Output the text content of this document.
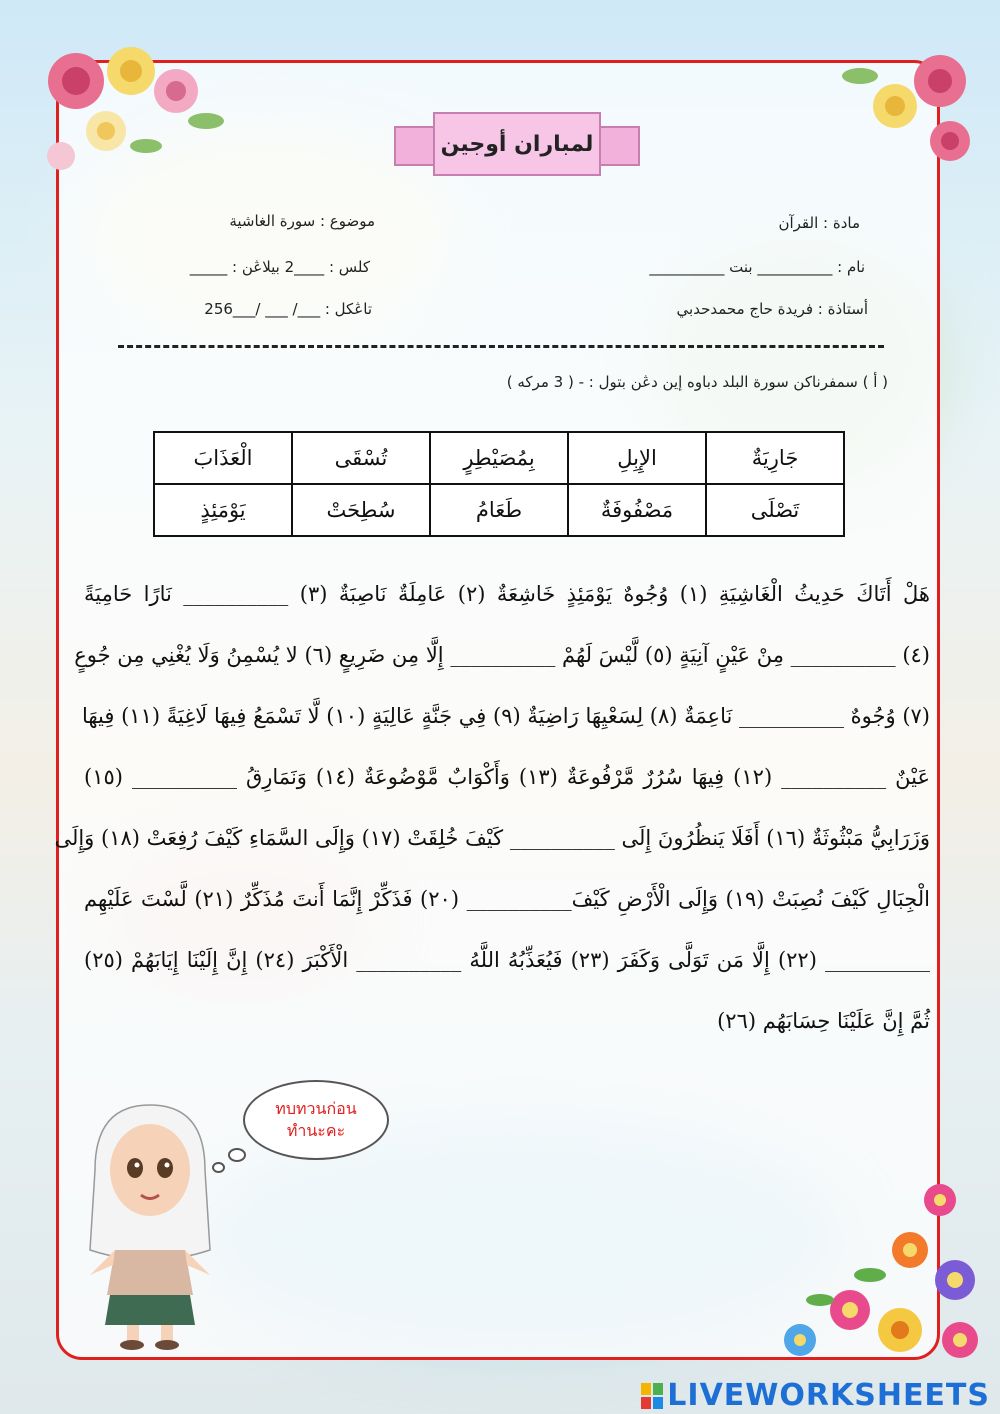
لمباران أوجين
مادة : القرآن
موضوع : سورة الغاشية
نام : __________ بنت __________
كلس : ____2 بيلاڠن : _____
أستاذة : فريدة حاج محمدحدبي
تاڠكل : ___/ ___ /___256
( أ ) سمفرناكن سورة البلد دباوه إين دڠن بتول : - ( 3 مركه )
جَارِيَةٌ	الإِبِلِ	بِمُصَيْطِرٍ	تُسْقَى	الْعَذَابَ
تَصْلَى	مَصْفُوفَةٌ	طَعَامُ	سُطِحَتْ	يَوْمَئِذٍ
هَلْ أَتَاكَ حَدِيثُ الْغَاشِيَةِ (١) وُجُوهٌ يَوْمَئِذٍ خَاشِعَةٌ (٢) عَامِلَةٌ نَاصِبَةٌ (٣) __________ نَارًا حَامِيَةً
(٤) __________ مِنْ عَيْنٍ آنِيَةٍ (٥) لَّيْسَ لَهُمْ __________ إِلَّا مِن ضَرِيعٍ (٦) لا يُسْمِنُ وَلَا يُغْنِي مِن جُوعٍ
(٧) وُجُوهٌ __________ نَاعِمَةٌ (٨) لِسَعْيِهَا رَاضِيَةٌ (٩) فِي جَنَّةٍ عَالِيَةٍ (١٠) لَّا تَسْمَعُ فِيهَا لَاغِيَةً (١١) فِيهَا
عَيْنٌ __________ (١٢) فِيهَا سُرُرٌ مَّرْفُوعَةٌ (١٣) وَأَكْوَابٌ مَّوْضُوعَةٌ (١٤) وَنَمَارِقُ __________ (١٥)
وَزَرَابِيُّ مَبْثُوثَةٌ (١٦) أَفَلَا يَنظُرُونَ إِلَى __________ كَيْفَ خُلِقَتْ (١٧) وَإِلَى السَّمَاءِ كَيْفَ رُفِعَتْ (١٨) وَإِلَى
الْجِبَالِ كَيْفَ نُصِبَتْ (١٩) وَإِلَى الْأَرْضِ كَيْفَ__________ (٢٠) فَذَكِّرْ إِنَّمَا أَنتَ مُذَكِّرٌ (٢١) لَّسْتَ عَلَيْهِم
__________ (٢٢) إِلَّا مَن تَوَلَّى وَكَفَرَ (٢٣) فَيُعَذِّبُهُ اللَّهُ __________ الْأَكْبَرَ (٢٤) إِنَّ إِلَيْنَا إِيَابَهُمْ (٢٥)
ثُمَّ إِنَّ عَلَيْنَا حِسَابَهُم (٢٦)
ทบทวนก่อน
ทำนะคะ
LIVEWORKSHEETS
